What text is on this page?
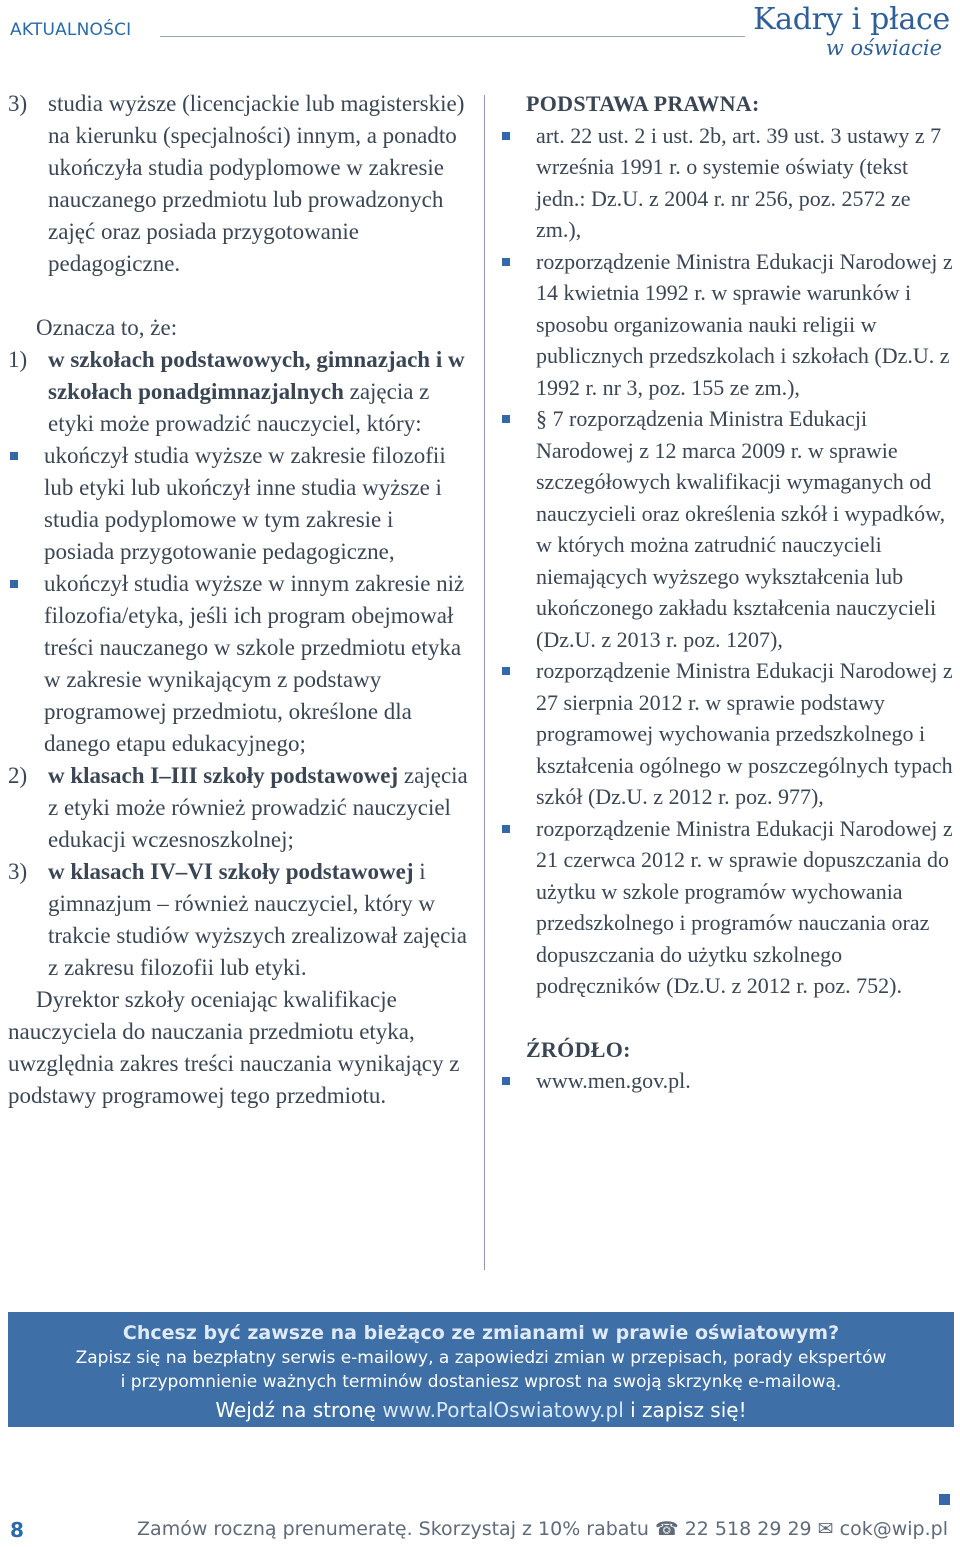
AKTUALNOŚCI	Kadry i płace
w oświacie

3) studia wyższe (licencjackie lub magisterskie) na kierunku (specjalności) innym, a ponadto ukończyła studia podyplomowe w zakresie nauczanego przedmiotu lub prowadzonych zajęć oraz posiada przygotowanie pedagogiczne.

Oznacza to, że:

1) w szkołach podstawowych, gimnazjach i w szkołach ponadgimnazjalnych zajęcia z etyki może prowadzić nauczyciel, który:

ukończył studia wyższe w zakresie filozofii lub etyki lub ukończył inne studia wyższe i studia podyplomowe w tym zakresie i posiada przygotowanie pedagogiczne,

ukończył studia wyższe w innym zakresie niż filozofia/etyka, jeśli ich program obejmował treści nauczanego w szkole przedmiotu etyka w zakresie wynikającym z podstawy programowej przedmiotu, określone dla danego etapu edukacyjnego;

2) w klasach I–III szkoły podstawowej zajęcia z etyki może również prowadzić nauczyciel edukacji wczesnoszkolnej;

3) w klasach IV–VI szkoły podstawowej i gimnazjum – również nauczyciel, który w trakcie studiów wyższych zrealizował zajęcia z zakresu filozofii lub etyki.

Dyrektor szkoły oceniając kwalifikacje nauczyciela do nauczania przedmiotu etyka, uwzględnia zakres treści nauczania wynikający z podstawy programowej tego przedmiotu.

PODSTAWA PRAWNA:

art. 22 ust. 2 i ust. 2b, art. 39 ust. 3 ustawy z 7 września 1991 r. o systemie oświaty (tekst jedn.: Dz.U. z 2004 r. nr 256, poz. 2572 ze zm.),

rozporządzenie Ministra Edukacji Narodowej z 14 kwietnia 1992 r. w sprawie warunków i sposobu organizowania nauki religii w publicznych przedszkolach i szkołach (Dz.U. z 1992 r. nr 3, poz. 155 ze zm.),

§ 7 rozporządzenia Ministra Edukacji Narodowej z 12 marca 2009 r. w sprawie szczegółowych kwalifikacji wymaganych od nauczycieli oraz określenia szkół i wypadków, w których można zatrudnić nauczycieli niemających wyższego wykształcenia lub ukończonego zakładu kształcenia nauczycieli (Dz.U. z 2013 r. poz. 1207),

rozporządzenie Ministra Edukacji Narodowej z 27 sierpnia 2012 r. w sprawie podstawy programowej wychowania przedszkolnego i kształcenia ogólnego w poszczególnych typach szkół (Dz.U. z 2012 r. poz. 977),

rozporządzenie Ministra Edukacji Narodowej z 21 czerwca 2012 r. w sprawie dopuszczania do użytku w szkole programów wychowania przedszkolnego i programów nauczania oraz dopuszczania do użytku szkolnego podręczników (Dz.U. z 2012 r. poz. 752).

ŹRÓDŁO:

www.men.gov.pl.

Chcesz być zawsze na bieżąco ze zmianami w prawie oświatowym?
Zapisz się na bezpłatny serwis e-mailowy, a zapowiedzi zmian w przepisach, porady ekspertów
i przypomnienie ważnych terminów dostaniesz wprost na swoją skrzynkę e-mailową.
Wejdź na stronę www.PortalOswiatowy.pl i zapisz się!
8	Zamów roczną prenumeratę. Skorzystaj z 10% rabatu ☎ 22 518 29 29 ✉ cok@wip.pl
